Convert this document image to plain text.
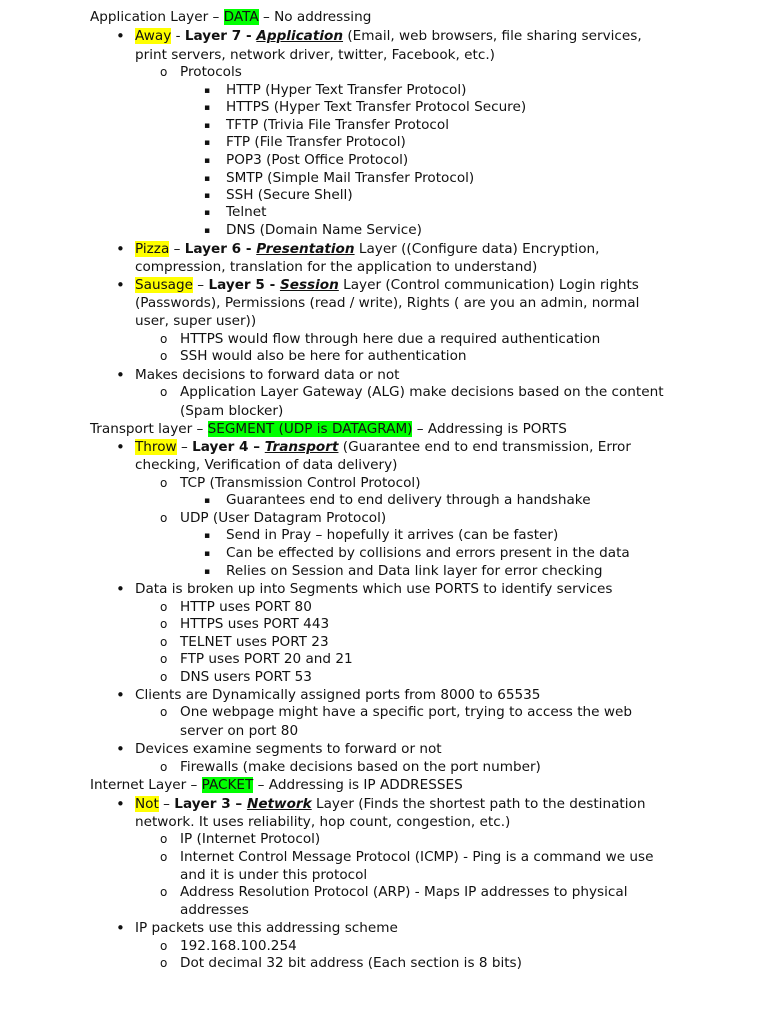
Application Layer – DATA – No addressing
• Away - Layer 7 - Application (Email, web browsers, file sharing services,
print servers, network driver, twitter, Facebook, etc.)
o Protocols
▪ HTTP (Hyper Text Transfer Protocol)
▪ HTTPS (Hyper Text Transfer Protocol Secure)
▪ TFTP (Trivia File Transfer Protocol
▪ FTP (File Transfer Protocol)
▪ POP3 (Post Office Protocol)
▪ SMTP (Simple Mail Transfer Protocol)
▪ SSH (Secure Shell)
▪ Telnet
▪ DNS (Domain Name Service)
• Pizza – Layer 6 - Presentation Layer ((Configure data) Encryption,
compression, translation for the application to understand)
• Sausage – Layer 5 - Session Layer (Control communication) Login rights
(Passwords), Permissions (read / write), Rights ( are you an admin, normal
user, super user))
o HTTPS would flow through here due a required authentication
o SSH would also be here for authentication
• Makes decisions to forward data or not
o Application Layer Gateway (ALG) make decisions based on the content
(Spam blocker)
Transport layer – SEGMENT (UDP is DATAGRAM) – Addressing is PORTS
• Throw – Layer 4 – Transport (Guarantee end to end transmission, Error
checking, Verification of data delivery)
o TCP (Transmission Control Protocol)
▪ Guarantees end to end delivery through a handshake
o UDP (User Datagram Protocol)
▪ Send in Pray – hopefully it arrives (can be faster)
▪ Can be effected by collisions and errors present in the data
▪ Relies on Session and Data link layer for error checking
• Data is broken up into Segments which use PORTS to identify services
o HTTP uses PORT 80
o HTTPS uses PORT 443
o TELNET uses PORT 23
o FTP uses PORT 20 and 21
o DNS users PORT 53
• Clients are Dynamically assigned ports from 8000 to 65535
o One webpage might have a specific port, trying to access the web
server on port 80
• Devices examine segments to forward or not
o Firewalls (make decisions based on the port number)
Internet Layer – PACKET – Addressing is IP ADDRESSES
• Not – Layer 3 – Network Layer (Finds the shortest path to the destination
network. It uses reliability, hop count, congestion, etc.)
o IP (Internet Protocol)
o Internet Control Message Protocol (ICMP) - Ping is a command we use
and it is under this protocol
o Address Resolution Protocol (ARP) - Maps IP addresses to physical
addresses
• IP packets use this addressing scheme
o 192.168.100.254
o Dot decimal 32 bit address (Each section is 8 bits)
